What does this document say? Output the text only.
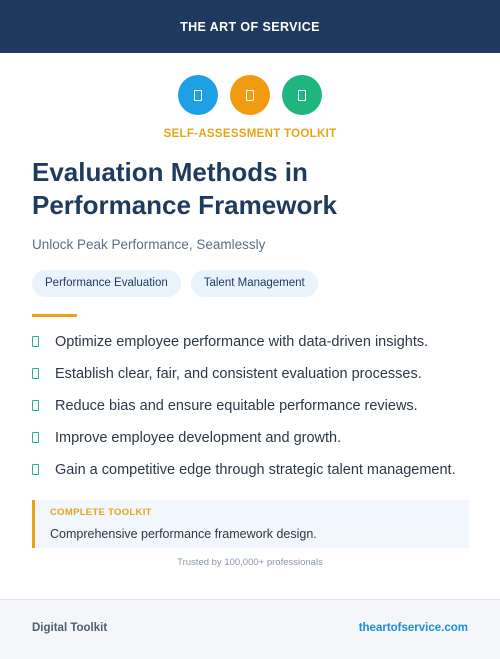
THE ART OF SERVICE
SELF-ASSESSMENT TOOLKIT
Evaluation Methods in Performance Framework
Unlock Peak Performance, Seamlessly
Performance Evaluation	Talent Management
Optimize employee performance with data-driven insights.
Establish clear, fair, and consistent evaluation processes.
Reduce bias and ensure equitable performance reviews.
Improve employee development and growth.
Gain a competitive edge through strategic talent management.
COMPLETE TOOLKIT
Comprehensive performance framework design.
Trusted by 100,000+ professionals
Digital Toolkit	theartofservice.com
